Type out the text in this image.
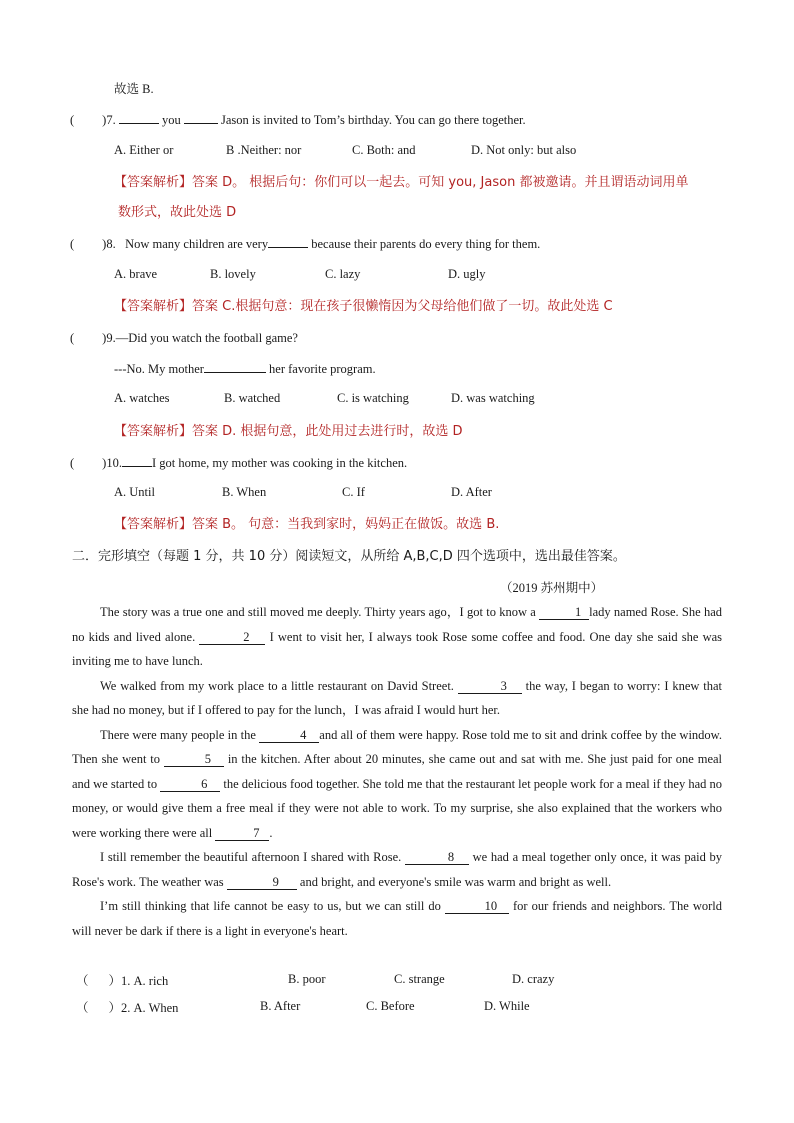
故选 B.
( )7.	you	Jason is invited to Tom’s birthday. You can go there together.
A. Either or	B .Neither: nor	C. Both: and	D. Not only: but also
【答案解析】答案 D。 根据后句：你们可以一起去。可知 you, Jason 都被邀请。并且谓语动词用单
数形式，故此处选 D
( )8. Now many children are very	because their parents do every thing for them.
A. brave	B. lovely	C. lazy	D. ugly
【答案解析】答案 C.根据句意：现在孩子很懒惰因为父母给他们做了一切。故此处选 C
( )9.—Did you watch the football game?
---No. My mother	her favorite program.
A. watches	B. watched	C. is watching	D. was watching
【答案解析】答案 D. 根据句意，此处用过去进行时，故选 D
( )10. I got home, my mother was cooking in the kitchen.
A. Until	B. When	C. If	D. After
【答案解析】答案 B。 句意：当我到家时，妈妈正在做饭。故选 B.
二．完形填空（每题 1 分，共 10 分）阅读短文，从所给 A,B,C,D 四个选项中，选出最佳答案。
（2019 苏州期中）

The story was a true one and still moved me deeply. Thirty years ago，I got to know a	1 lady named Rose. She had no kids and lived alone.	2 I went to visit her, I always took Rose some coffee and food. One day she said she was inviting me to have lunch.

We walked from my work place to a little restaurant on David Street.	3 the way, I began to worry: I knew that she had no money, but if I offered to pay for the lunch，I was afraid I would hurt her.

There were many people in the	4 and all of them were happy. Rose told me to sit and drink coffee by the window. Then she went to	5 in the kitchen. After about 20 minutes, she came out and sat with me. She just paid for one meal and we started to	6 the delicious food together. She told me that the restaurant let people work for a meal if they had no money, or would give them a free meal if they were not able to work. To my surprise, she also explained that the workers who were working there were all	7 .

I still remember the beautiful afternoon I shared with Rose.	8 we had a meal together only once, it was paid by Rose's work. The weather was	9 and bright, and everyone's smile was warm and bright as well.

I’m still thinking that life cannot be easy to us, but we can still do	10 for our friends and neighbors. The world will never be dark if there is a light in everyone's heart.

（ ）1. A. rich	B. poor	C. strange	D. crazy
（ ）2. A. When	B. After	C. Before	D. While
